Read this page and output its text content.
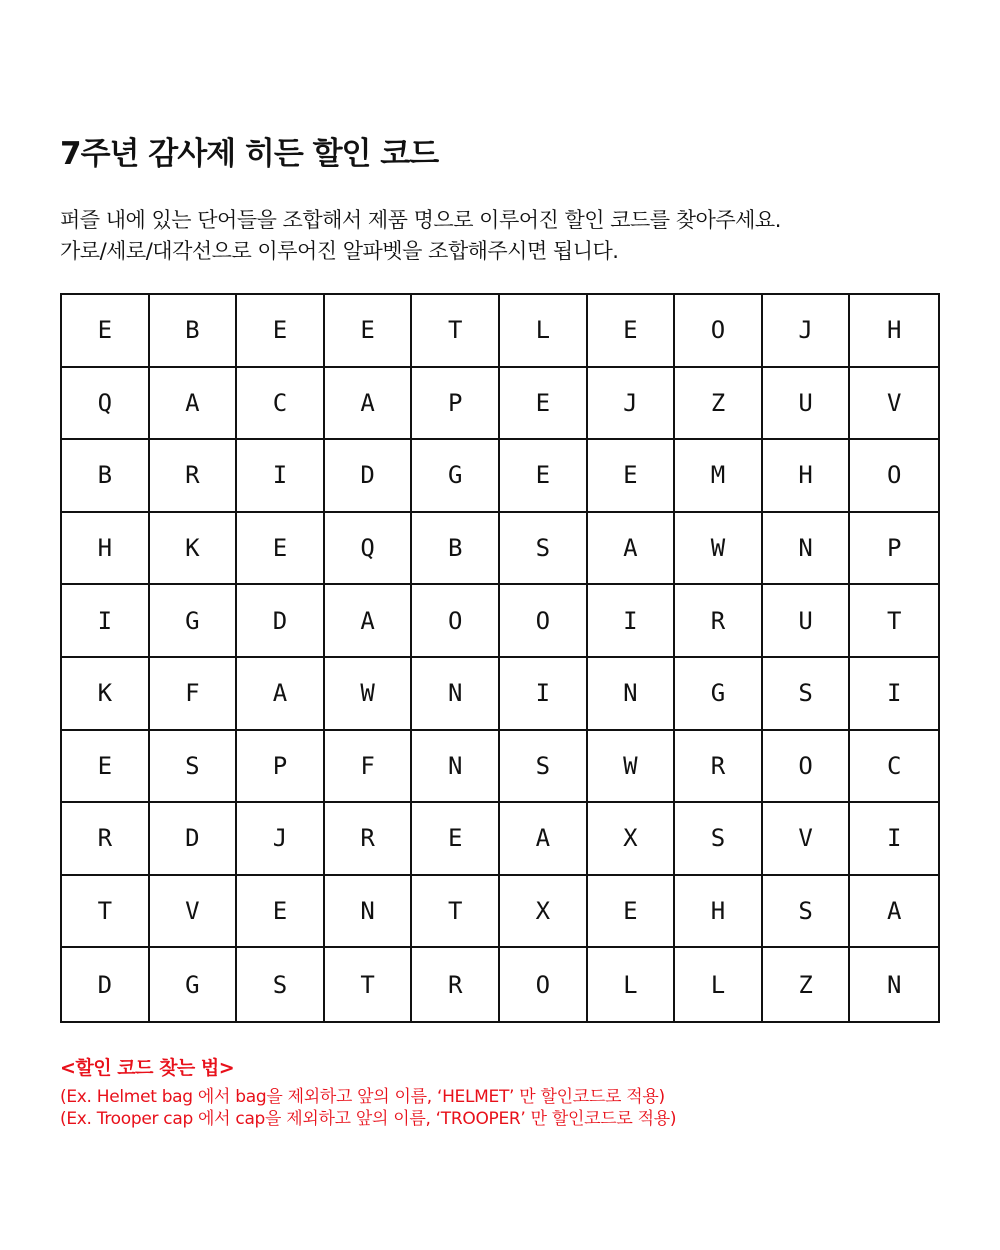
7주년 감사제 히든 할인 코드
퍼즐 내에 있는 단어들을 조합해서 제품 명으로 이루어진 할인 코드를 찾아주세요.
가로/세로/대각선으로 이루어진 알파벳을 조합해주시면 됩니다.
E	B	E	E	T	L	E	O	J	H
Q	A	C	A	P	E	J	Z	U	V
B	R	I	D	G	E	E	M	H	O
H	K	E	Q	B	S	A	W	N	P
I	G	D	A	O	O	I	R	U	T
K	F	A	W	N	I	N	G	S	I
E	S	P	F	N	S	W	R	O	C
R	D	J	R	E	A	X	S	V	I
T	V	E	N	T	X	E	H	S	A
D	G	S	T	R	O	L	L	Z	N
<할인 코드 찾는 법>
(Ex. Helmet bag 에서 bag을 제외하고 앞의 이름, ‘HELMET’ 만 할인코드로 적용)
(Ex. Trooper cap 에서 cap을 제외하고 앞의 이름, ‘TROOPER’ 만 할인코드로 적용)
